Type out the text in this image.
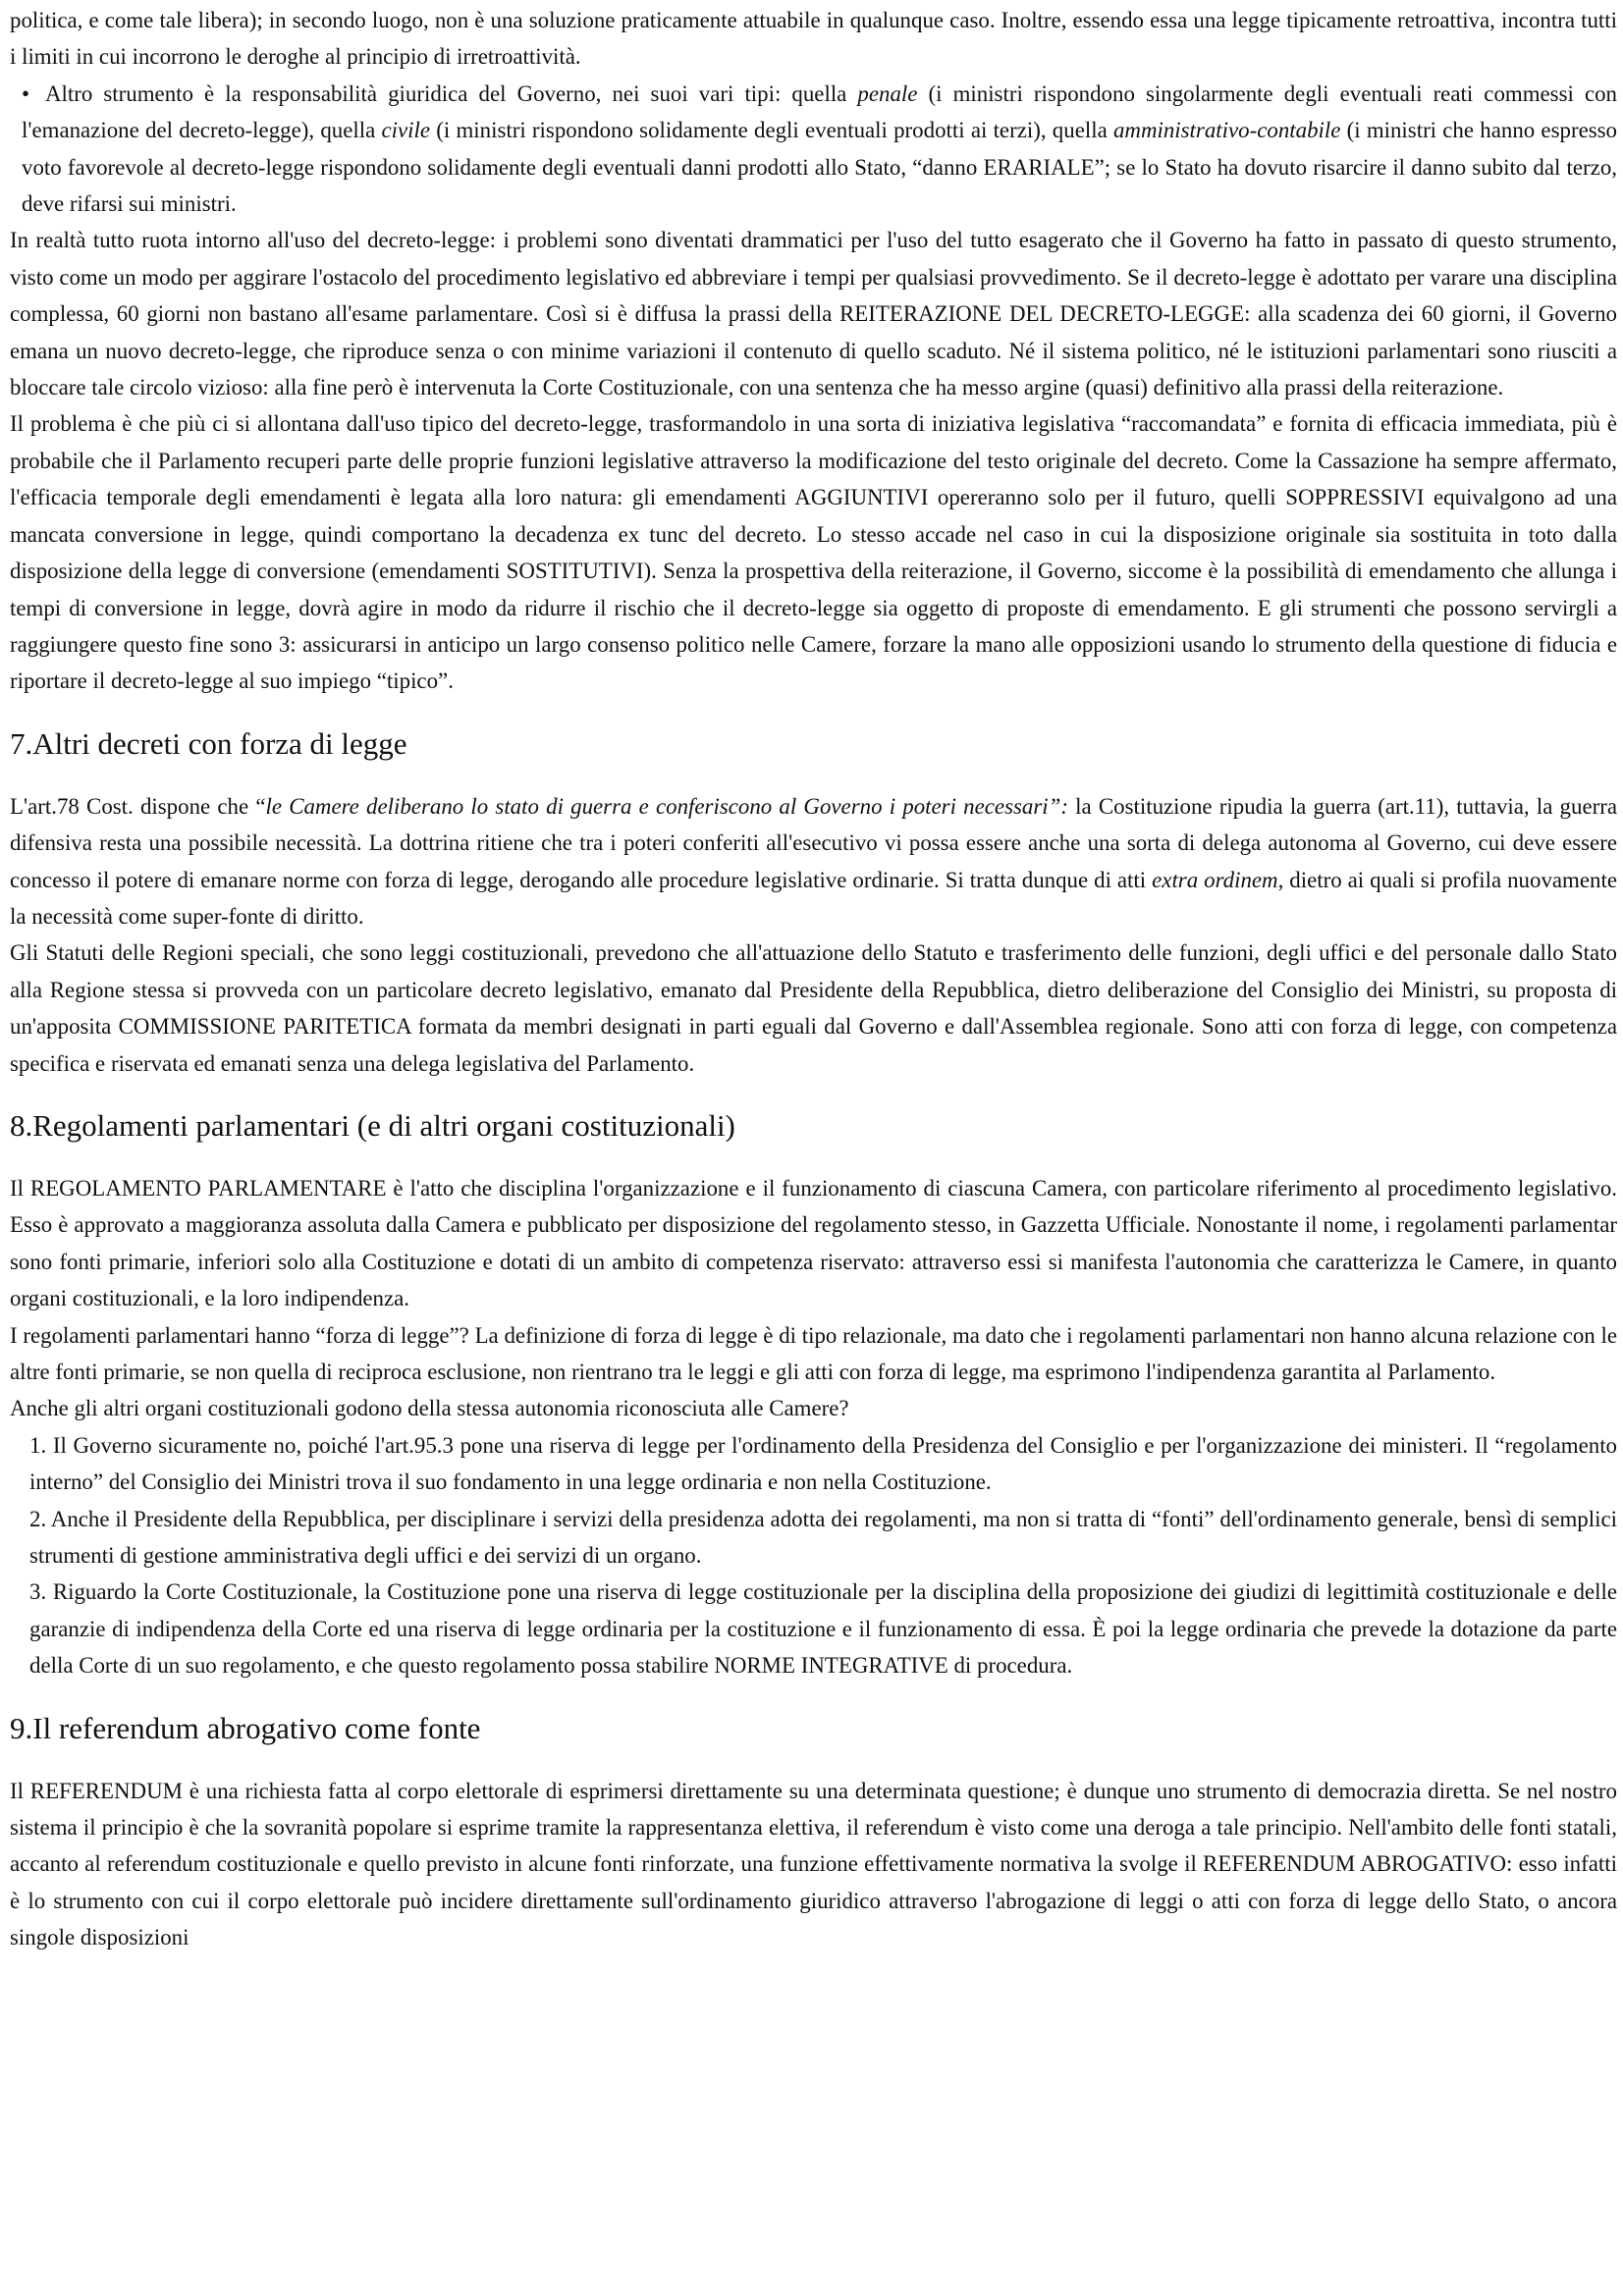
politica, e come tale libera); in secondo luogo, non è una soluzione praticamente attuabile in qualunque caso. Inoltre, essendo essa una legge tipicamente retroattiva, incontra tutti i limiti in cui incorrono le deroghe al principio di irretroattività.

• Altro strumento è la responsabilità giuridica del Governo, nei suoi vari tipi: quella penale (i ministri rispondono singolarmente degli eventuali reati commessi con l'emanazione del decreto-legge), quella civile (i ministri rispondono solidamente degli eventuali prodotti ai terzi), quella amministrativo-contabile (i ministri che hanno espresso voto favorevole al decreto-legge rispondono solidamente degli eventuali danni prodotti allo Stato, “danno ERARIALE”; se lo Stato ha dovuto risarcire il danno subito dal terzo, deve rifarsi sui ministri.

In realtà tutto ruota intorno all'uso del decreto-legge: i problemi sono diventati drammatici per l'uso del tutto esagerato che il Governo ha fatto in passato di questo strumento, visto come un modo per aggirare l'ostacolo del procedimento legislativo ed abbreviare i tempi per qualsiasi provvedimento. Se il decreto-legge è adottato per varare una disciplina complessa, 60 giorni non bastano all'esame parlamentare. Così si è diffusa la prassi della REITERAZIONE DEL DECRETO-LEGGE: alla scadenza dei 60 giorni, il Governo emana un nuovo decreto-legge, che riproduce senza o con minime variazioni il contenuto di quello scaduto. Né il sistema politico, né le istituzioni parlamentari sono riusciti a bloccare tale circolo vizioso: alla fine però è intervenuta la Corte Costituzionale, con una sentenza che ha messo argine (quasi) definitivo alla prassi della reiterazione.

Il problema è che più ci si allontana dall'uso tipico del decreto-legge, trasformandolo in una sorta di iniziativa legislativa “raccomandata” e fornita di efficacia immediata, più è probabile che il Parlamento recuperi parte delle proprie funzioni legislative attraverso la modificazione del testo originale del decreto. Come la Cassazione ha sempre affermato, l'efficacia temporale degli emendamenti è legata alla loro natura: gli emendamenti AGGIUNTIVI opereranno solo per il futuro, quelli SOPPRESSIVI equivalgono ad una mancata conversione in legge, quindi comportano la decadenza ex tunc del decreto. Lo stesso accade nel caso in cui la disposizione originale sia sostituita in toto dalla disposizione della legge di conversione (emendamenti SOSTITUTIVI). Senza la prospettiva della reiterazione, il Governo, siccome è la possibilità di emendamento che allunga i tempi di conversione in legge, dovrà agire in modo da ridurre il rischio che il decreto-legge sia oggetto di proposte di emendamento. E gli strumenti che possono servirgli a raggiungere questo fine sono 3: assicurarsi in anticipo un largo consenso politico nelle Camere, forzare la mano alle opposizioni usando lo strumento della questione di fiducia e riportare il decreto-legge al suo impiego “tipico”.

7.Altri decreti con forza di legge

L'art.78 Cost. dispone che “le Camere deliberano lo stato di guerra e conferiscono al Governo i poteri necessari”: la Costituzione ripudia la guerra (art.11), tuttavia, la guerra difensiva resta una possibile necessità. La dottrina ritiene che tra i poteri conferiti all'esecutivo vi possa essere anche una sorta di delega autonoma al Governo, cui deve essere concesso il potere di emanare norme con forza di legge, derogando alle procedure legislative ordinarie. Si tratta dunque di atti extra ordinem, dietro ai quali si profila nuovamente la necessità come super-fonte di diritto.

Gli Statuti delle Regioni speciali, che sono leggi costituzionali, prevedono che all'attuazione dello Statuto e trasferimento delle funzioni, degli uffici e del personale dallo Stato alla Regione stessa si provveda con un particolare decreto legislativo, emanato dal Presidente della Repubblica, dietro deliberazione del Consiglio dei Ministri, su proposta di un'apposita COMMISSIONE PARITETICA formata da membri designati in parti eguali dal Governo e dall'Assemblea regionale. Sono atti con forza di legge, con competenza specifica e riservata ed emanati senza una delega legislativa del Parlamento.

8.Regolamenti parlamentari (e di altri organi costituzionali)

Il REGOLAMENTO PARLAMENTARE è l'atto che disciplina l'organizzazione e il funzionamento di ciascuna Camera, con particolare riferimento al procedimento legislativo. Esso è approvato a maggioranza assoluta dalla Camera e pubblicato per disposizione del regolamento stesso, in Gazzetta Ufficiale. Nonostante il nome, i regolamenti parlamentar sono fonti primarie, inferiori solo alla Costituzione e dotati di un ambito di competenza riservato: attraverso essi si manifesta l'autonomia che caratterizza le Camere, in quanto organi costituzionali, e la loro indipendenza.

I regolamenti parlamentari hanno “forza di legge”? La definizione di forza di legge è di tipo relazionale, ma dato che i regolamenti parlamentari non hanno alcuna relazione con le altre fonti primarie, se non quella di reciproca esclusione, non rientrano tra le leggi e gli atti con forza di legge, ma esprimono l'indipendenza garantita al Parlamento.

Anche gli altri organi costituzionali godono della stessa autonomia riconosciuta alle Camere?

1. Il Governo sicuramente no, poiché l'art.95.3 pone una riserva di legge per l'ordinamento della Presidenza del Consiglio e per l'organizzazione dei ministeri. Il “regolamento interno” del Consiglio dei Ministri trova il suo fondamento in una legge ordinaria e non nella Costituzione.

2. Anche il Presidente della Repubblica, per disciplinare i servizi della presidenza adotta dei regolamenti, ma non si tratta di “fonti” dell'ordinamento generale, bensì di semplici strumenti di gestione amministrativa degli uffici e dei servizi di un organo.

3. Riguardo la Corte Costituzionale, la Costituzione pone una riserva di legge costituzionale per la disciplina della proposizione dei giudizi di legittimità costituzionale e delle garanzie di indipendenza della Corte ed una riserva di legge ordinaria per la costituzione e il funzionamento di essa. È poi la legge ordinaria che prevede la dotazione da parte della Corte di un suo regolamento, e che questo regolamento possa stabilire NORME INTEGRATIVE di procedura.

9.Il referendum abrogativo come fonte

Il REFERENDUM è una richiesta fatta al corpo elettorale di esprimersi direttamente su una determinata questione; è dunque uno strumento di democrazia diretta. Se nel nostro sistema il principio è che la sovranità popolare si esprime tramite la rappresentanza elettiva, il referendum è visto come una deroga a tale principio. Nell'ambito delle fonti statali, accanto al referendum costituzionale e quello previsto in alcune fonti rinforzate, una funzione effettivamente normativa la svolge il REFERENDUM ABROGATIVO: esso infatti è lo strumento con cui il corpo elettorale può incidere direttamente sull'ordinamento giuridico attraverso l'abrogazione di leggi o atti con forza di legge dello Stato, o ancora singole disposizioni
